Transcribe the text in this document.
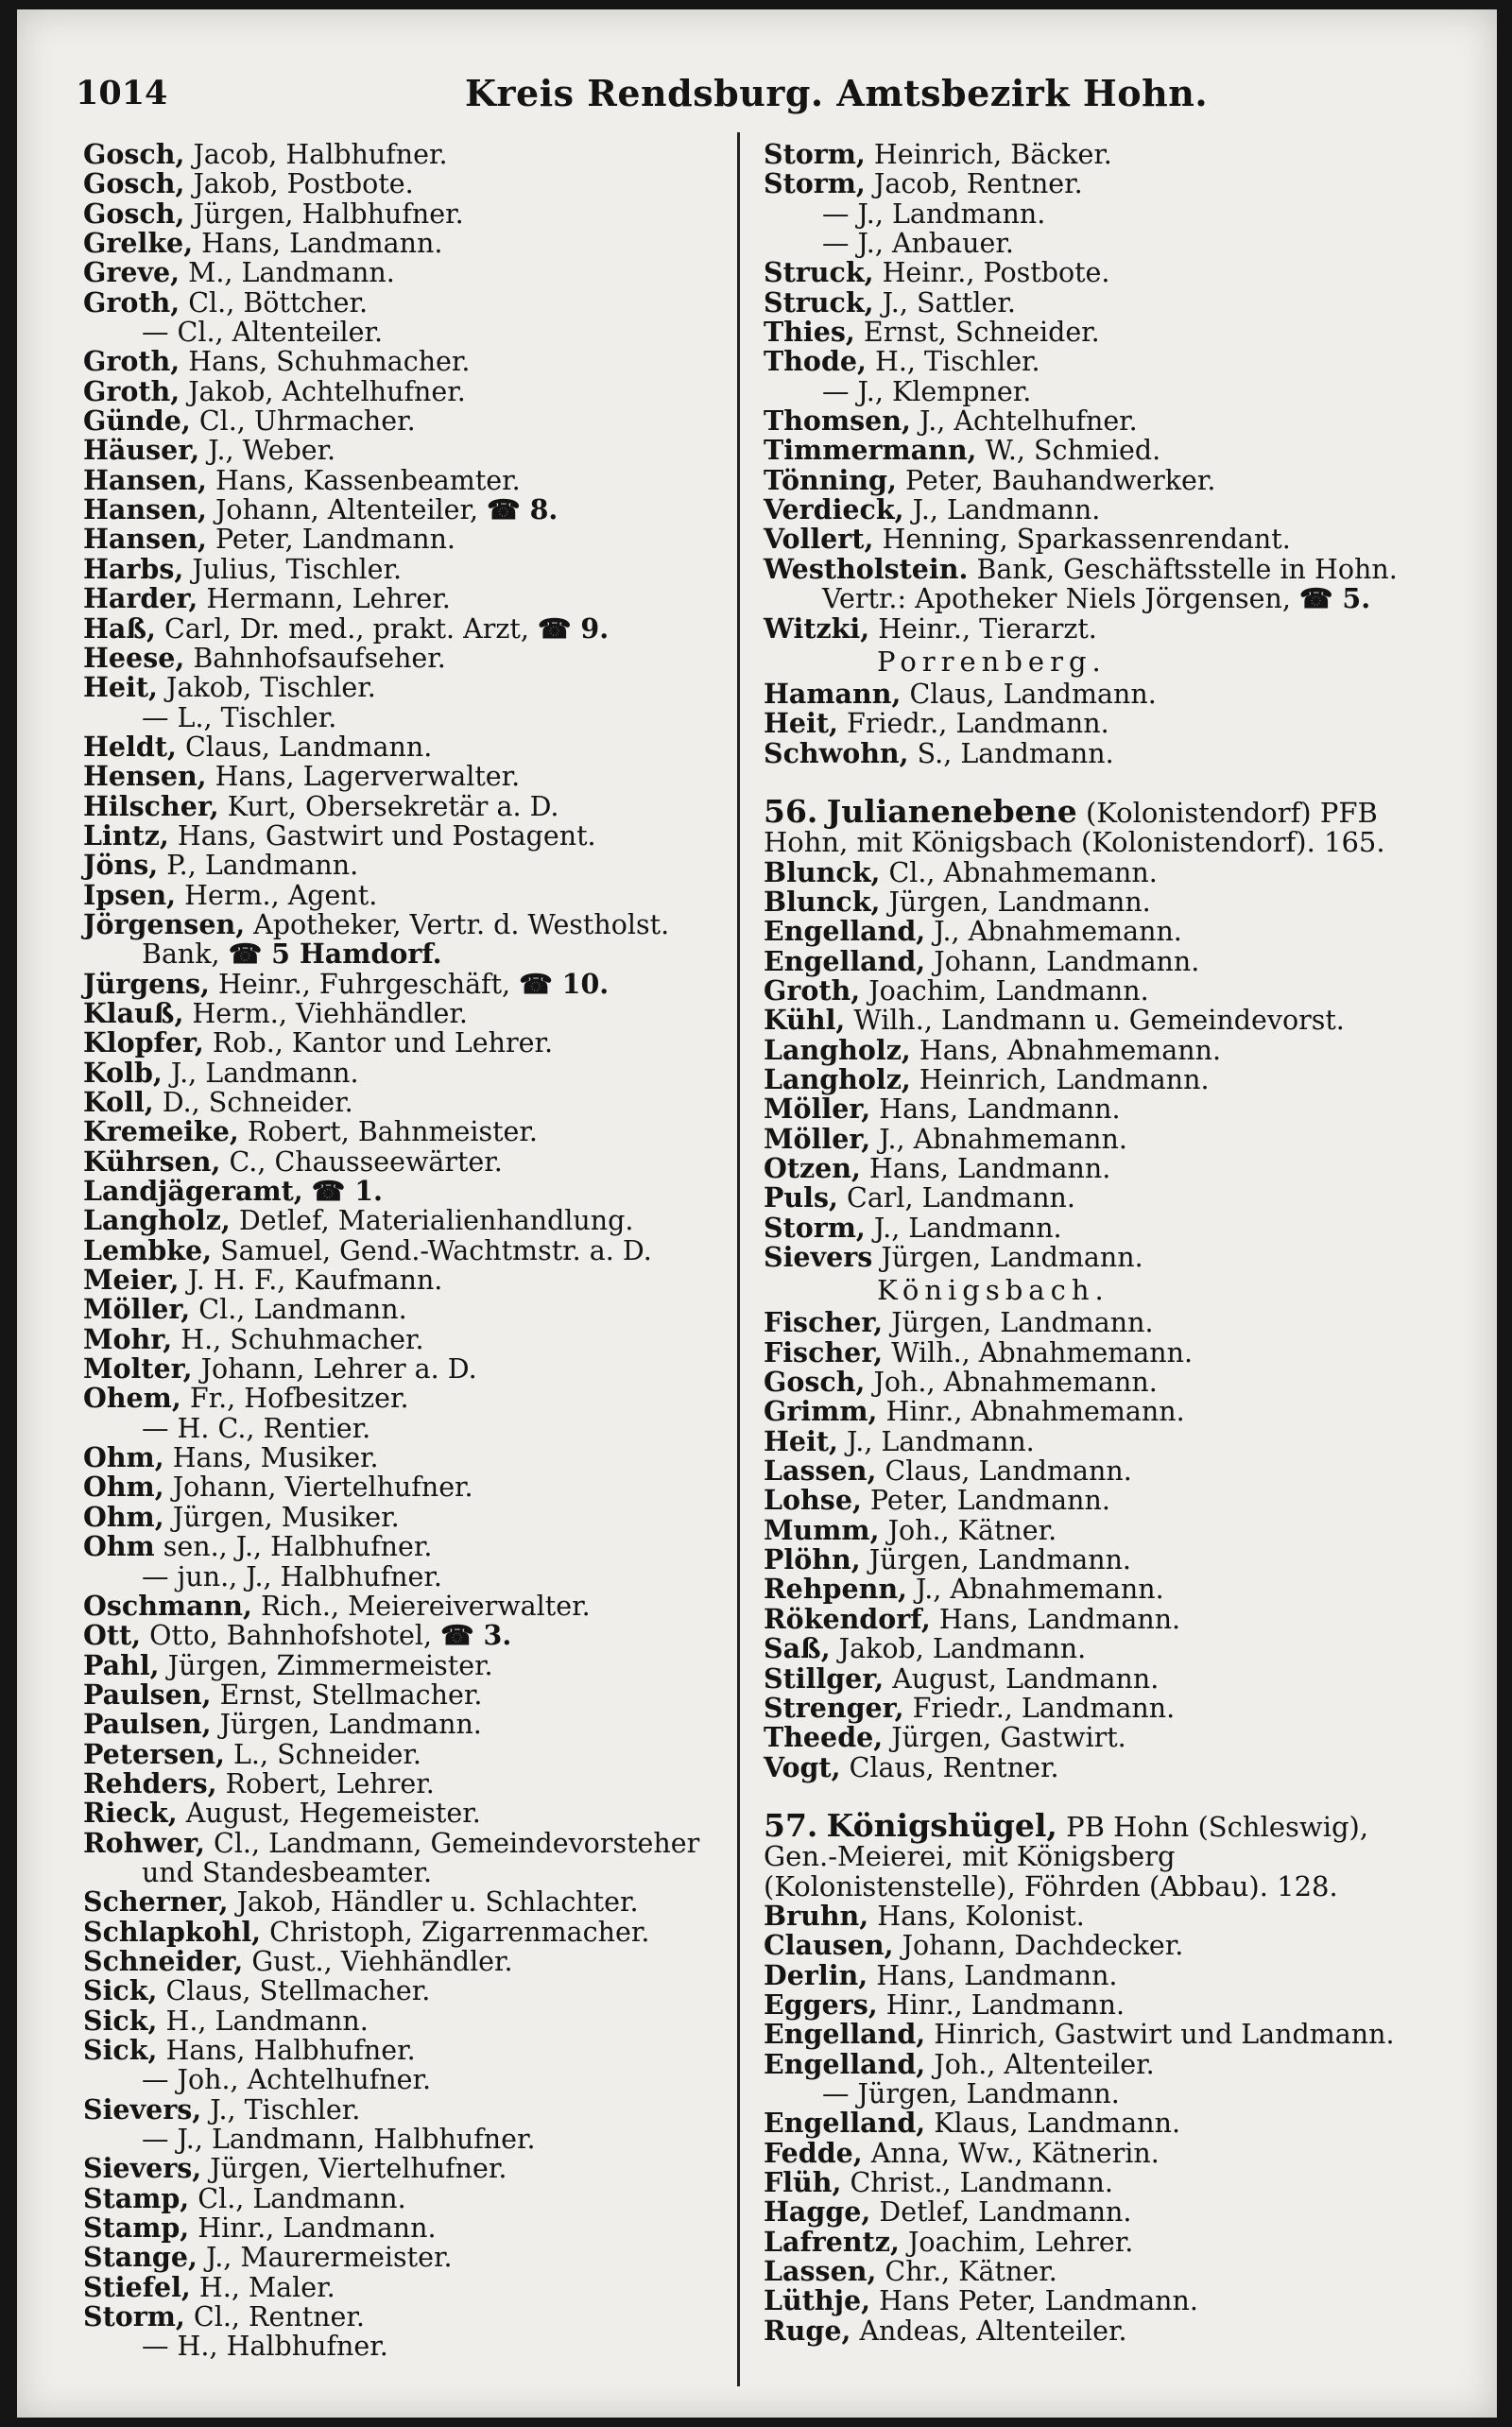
1014	Kreis Rendsburg. Amtsbezirk Hohn.
Gosch, Jacob, Halbhufner.
Gosch, Jakob, Postbote.
Gosch, Jürgen, Halbhufner.
Grelke, Hans, Landmann.
Greve, M., Landmann.
Groth, Cl., Böttcher.
— Cl., Altenteiler.
Groth, Hans, Schuhmacher.
Groth, Jakob, Achtelhufner.
Günde, Cl., Uhrmacher.
Häuser, J., Weber.
Hansen, Hans, Kassenbeamter.
Hansen, Johann, Altenteiler, ☎ 8.
Hansen, Peter, Landmann.
Harbs, Julius, Tischler.
Harder, Hermann, Lehrer.
Haß, Carl, Dr. med., prakt. Arzt, ☎ 9.
Heese, Bahnhofsaufseher.
Heit, Jakob, Tischler.
— L., Tischler.
Heldt, Claus, Landmann.
Hensen, Hans, Lagerverwalter.
Hilscher, Kurt, Obersekretär a. D.
Lintz, Hans, Gastwirt und Postagent.
Jöns, P., Landmann.
Ipsen, Herm., Agent.
Jörgensen, Apotheker, Vertr. d. Westholst.
Bank, ☎ 5 Hamdorf.
Jürgens, Heinr., Fuhrgeschäft, ☎ 10.
Klauß, Herm., Viehhändler.
Klopfer, Rob., Kantor und Lehrer.
Kolb, J., Landmann.
Koll, D., Schneider.
Kremeike, Robert, Bahnmeister.
Kührsen, C., Chausseewärter.
Landjägeramt, ☎ 1.
Langholz, Detlef, Materialienhandlung.
Lembke, Samuel, Gend.-Wachtmstr. a. D.
Meier, J. H. F., Kaufmann.
Möller, Cl., Landmann.
Mohr, H., Schuhmacher.
Molter, Johann, Lehrer a. D.
Ohem, Fr., Hofbesitzer.
— H. C., Rentier.
Ohm, Hans, Musiker.
Ohm, Johann, Viertelhufner.
Ohm, Jürgen, Musiker.
Ohm sen., J., Halbhufner.
— jun., J., Halbhufner.
Oschmann, Rich., Meiereiverwalter.
Ott, Otto, Bahnhofshotel, ☎ 3.
Pahl, Jürgen, Zimmermeister.
Paulsen, Ernst, Stellmacher.
Paulsen, Jürgen, Landmann.
Petersen, L., Schneider.
Rehders, Robert, Lehrer.
Rieck, August, Hegemeister.
Rohwer, Cl., Landmann, Gemeindevorsteher
und Standesbeamter.
Scherner, Jakob, Händler u. Schlachter.
Schlapkohl, Christoph, Zigarrenmacher.
Schneider, Gust., Viehhändler.
Sick, Claus, Stellmacher.
Sick, H., Landmann.
Sick, Hans, Halbhufner.
— Joh., Achtelhufner.
Sievers, J., Tischler.
— J., Landmann, Halbhufner.
Sievers, Jürgen, Viertelhufner.
Stamp, Cl., Landmann.
Stamp, Hinr., Landmann.
Stange, J., Maurermeister.
Stiefel, H., Maler.
Storm, Cl., Rentner.
— H., Halbhufner.
Storm, Heinrich, Bäcker.
Storm, Jacob, Rentner.
— J., Landmann.
— J., Anbauer.
Struck, Heinr., Postbote.
Struck, J., Sattler.
Thies, Ernst, Schneider.
Thode, H., Tischler.
— J., Klempner.
Thomsen, J., Achtelhufner.
Timmermann, W., Schmied.
Tönning, Peter, Bauhandwerker.
Verdieck, J., Landmann.
Vollert, Henning, Sparkassenrendant.
Westholstein. Bank, Geschäftsstelle in Hohn.
Vertr.: Apotheker Niels Jörgensen, ☎ 5.
Witzki, Heinr., Tierarzt.
Porrenberg.
Hamann, Claus, Landmann.
Heit, Friedr., Landmann.
Schwohn, S., Landmann.
56. Julianenebene (Kolonistendorf) PFB Hohn, mit Königsbach (Kolonistendorf). 165.
Blunck, Cl., Abnahmemann.
Blunck, Jürgen, Landmann.
Engelland, J., Abnahmemann.
Engelland, Johann, Landmann.
Groth, Joachim, Landmann.
Kühl, Wilh., Landmann u. Gemeindevorst.
Langholz, Hans, Abnahmemann.
Langholz, Heinrich, Landmann.
Möller, Hans, Landmann.
Möller, J., Abnahmemann.
Otzen, Hans, Landmann.
Puls, Carl, Landmann.
Storm, J., Landmann.
Sievers Jürgen, Landmann.
Königsbach.
Fischer, Jürgen, Landmann.
Fischer, Wilh., Abnahmemann.
Gosch, Joh., Abnahmemann.
Grimm, Hinr., Abnahmemann.
Heit, J., Landmann.
Lassen, Claus, Landmann.
Lohse, Peter, Landmann.
Mumm, Joh., Kätner.
Plöhn, Jürgen, Landmann.
Rehpenn, J., Abnahmemann.
Rökendorf, Hans, Landmann.
Saß, Jakob, Landmann.
Stillger, August, Landmann.
Strenger, Friedr., Landmann.
Theede, Jürgen, Gastwirt.
Vogt, Claus, Rentner.
57. Königshügel, PB Hohn (Schleswig), Gen.-Meierei, mit Königsberg (Kolonistenstelle), Föhrden (Abbau). 128.
Bruhn, Hans, Kolonist.
Clausen, Johann, Dachdecker.
Derlin, Hans, Landmann.
Eggers, Hinr., Landmann.
Engelland, Hinrich, Gastwirt und Landmann.
Engelland, Joh., Altenteiler.
— Jürgen, Landmann.
Engelland, Klaus, Landmann.
Fedde, Anna, Ww., Kätnerin.
Flüh, Christ., Landmann.
Hagge, Detlef, Landmann.
Lafrentz, Joachim, Lehrer.
Lassen, Chr., Kätner.
Lüthje, Hans Peter, Landmann.
Ruge, Andeas, Altenteiler.
